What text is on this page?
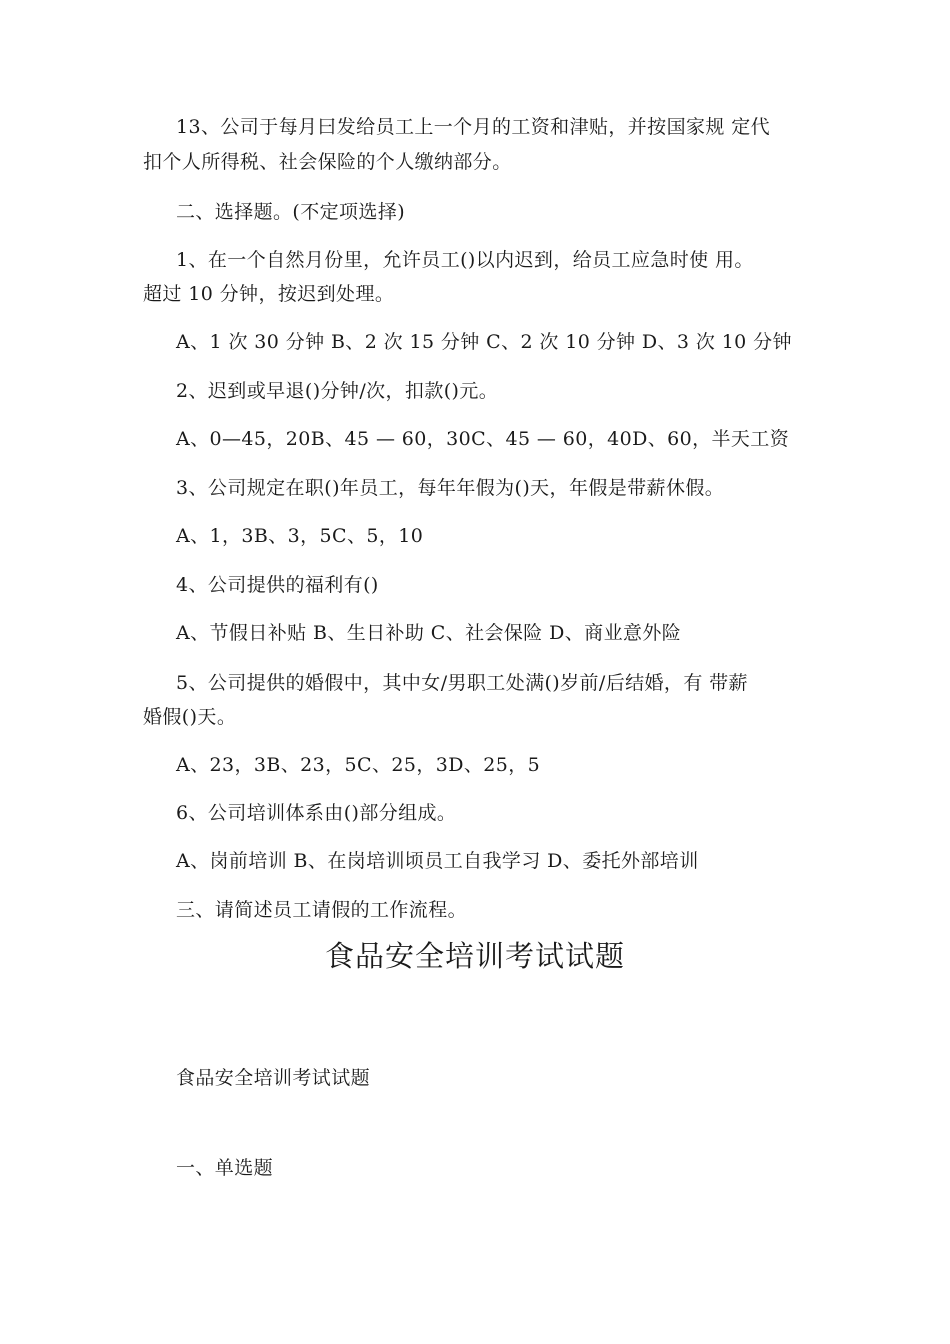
13、公司于每月曰发给员工上一个月的工资和津贴，并按国家规 定代
扣个人所得税、社会保险的个人缴纳部分。
二、选择题。(不定项选择)
1、在一个自然月份里，允许员工()以内迟到，给员工应急时使 用。
超过 10 分钟，按迟到处理。
A、1 次 30 分钟 B、2 次 15 分钟 C、2 次 10 分钟 D、3 次 10 分钟
2、迟到或早退()分钟/次，扣款()元。
A、0—45，20B、45 — 60，30C、45 — 60，40D、60，半天工资
3、公司规定在职()年员工，每年年假为()天，年假是带薪休假。
A、1，3B、3，5C、5，10
4、公司提供的福利有()
A、节假日补贴 B、生日补助 C、社会保险 D、商业意外险
5、公司提供的婚假中，其中女/男职工处满()岁前/后结婚，有 带薪
婚假()天。
A、23，3B、23，5C、25，3D、25，5
6、公司培训体系由()部分组成。
A、岗前培训 B、在岗培训顷员工自我学习 D、委托外部培训
三、请简述员工请假的工作流程。
食品安全培训考试试题
食品安全培训考试试题
一、单选题
